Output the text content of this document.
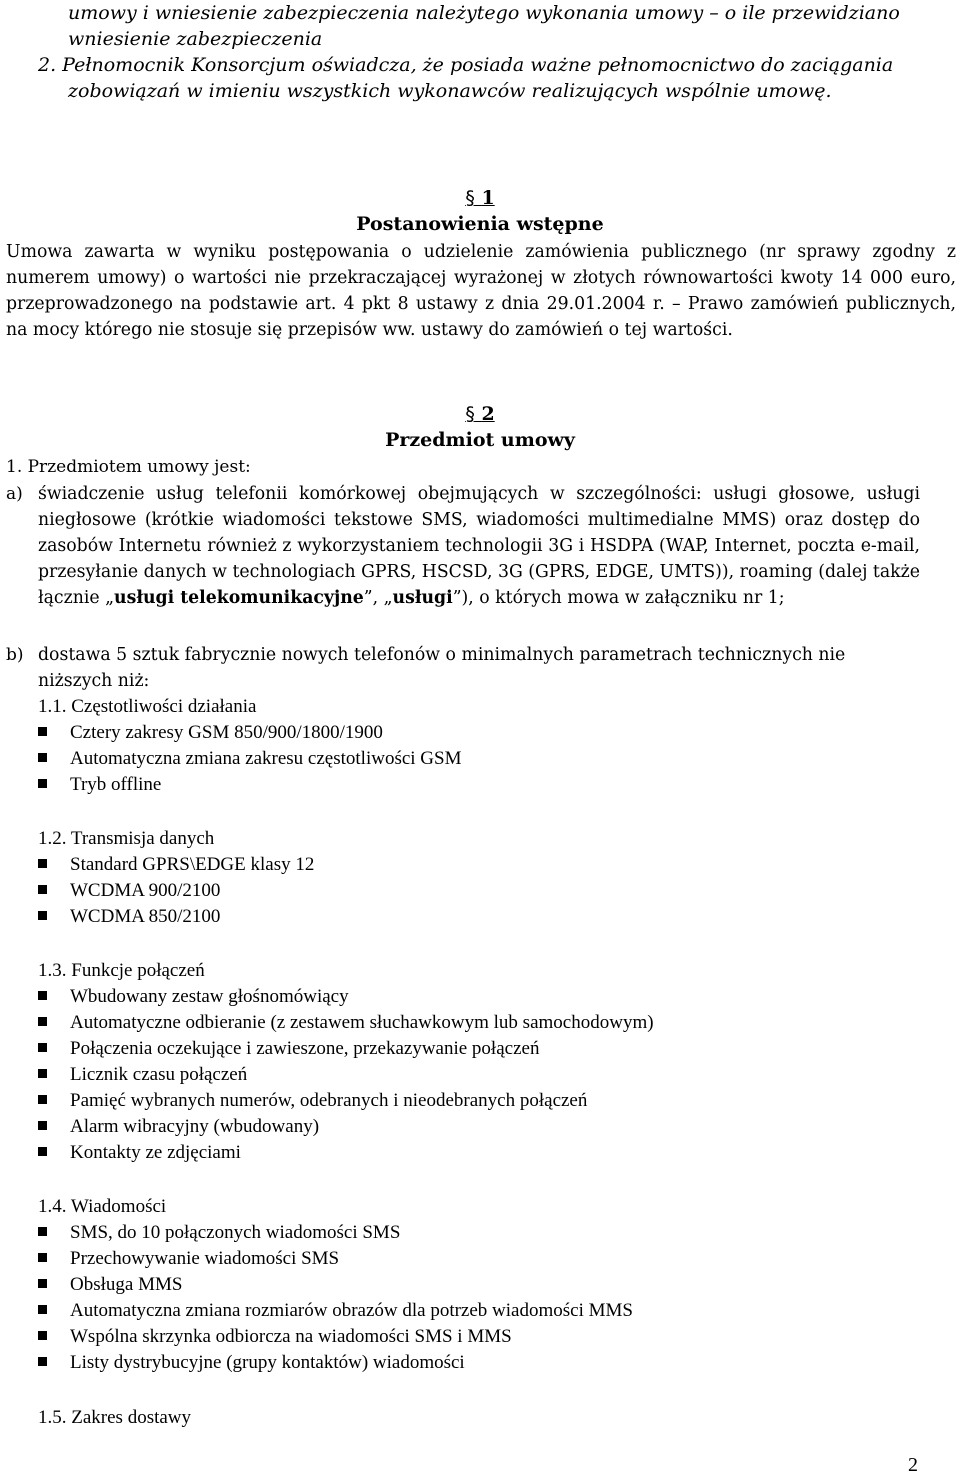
umowy i wniesienie zabezpieczenia należytego wykonania umowy – o ile przewidziano
wniesienie zabezpieczenia
2. Pełnomocnik Konsorcjum oświadcza, że posiada ważne pełnomocnictwo do zaciągania
zobowiązań w imieniu wszystkich wykonawców realizujących wspólnie umowę.
§ 1
Postanowienia wstępne
Umowa zawarta w wyniku postępowania o udzielenie zamówienia publicznego (nr sprawy zgodny z numerem umowy) o wartości nie przekraczającej wyrażonej w złotych równowartości kwoty 14 000 euro, przeprowadzonego na podstawie art. 4 pkt 8 ustawy z dnia 29.01.2004 r. – Prawo zamówień publicznych, na mocy którego nie stosuje się przepisów ww. ustawy do zamówień o tej wartości.
§ 2
Przedmiot umowy
1. Przedmiotem umowy jest:
a) świadczenie usług telefonii komórkowej obejmujących w szczególności: usługi głosowe, usługi niegłosowe (krótkie wiadomości tekstowe SMS, wiadomości multimedialne MMS) oraz dostęp do zasobów Internetu również z wykorzystaniem technologii 3G i HSDPA (WAP, Internet, poczta e-mail, przesyłanie danych w technologiach GPRS, HSCSD, 3G (GPRS, EDGE, UMTS)), roaming (dalej także łącznie „usługi telekomunikacyjne”, „usługi”), o których mowa w załączniku nr 1;
b) dostawa 5 sztuk fabrycznie nowych telefonów o minimalnych parametrach technicznych nie niższych niż:
1.1. Częstotliwości działania
Cztery zakresy GSM 850/900/1800/1900
Automatyczna zmiana zakresu częstotliwości GSM
Tryb offline
1.2. Transmisja danych
Standard GPRS\EDGE klasy 12
WCDMA 900/2100
WCDMA 850/2100
1.3. Funkcje połączeń
Wbudowany zestaw głośnomówiący
Automatyczne odbieranie (z zestawem słuchawkowym lub samochodowym)
Połączenia oczekujące i zawieszone, przekazywanie połączeń
Licznik czasu połączeń
Pamięć wybranych numerów, odebranych i nieodebranych połączeń
Alarm wibracyjny (wbudowany)
Kontakty ze zdjęciami
1.4. Wiadomości
SMS, do 10 połączonych wiadomości SMS
Przechowywanie wiadomości SMS
Obsługa MMS
Automatyczna zmiana rozmiarów obrazów dla potrzeb wiadomości MMS
Wspólna skrzynka odbiorcza na wiadomości SMS i MMS
Listy dystrybucyjne (grupy kontaktów) wiadomości
1.5. Zakres dostawy
2
